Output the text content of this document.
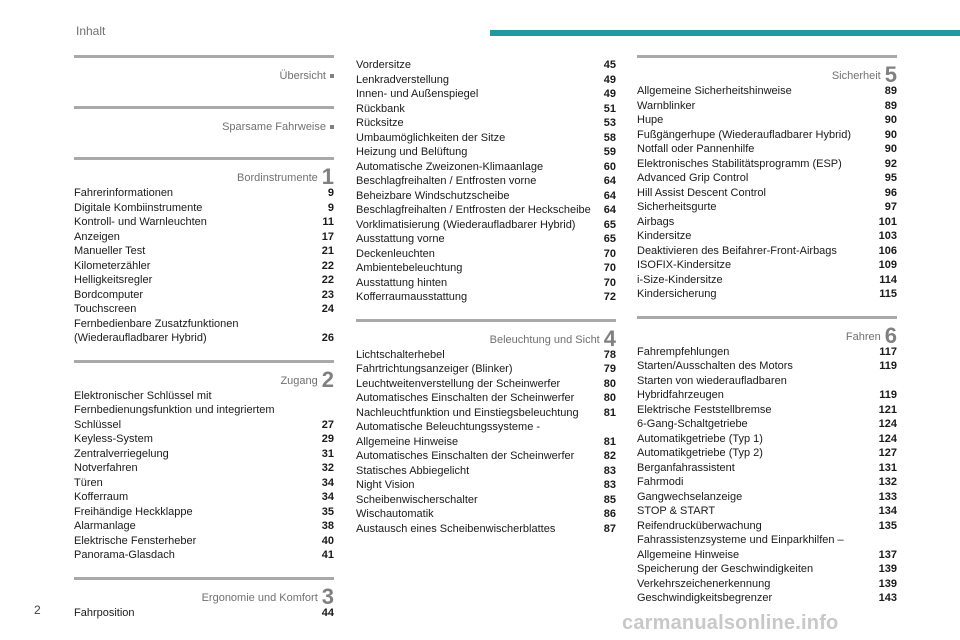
Inhalt
Übersicht
Sparsame Fahrweise
Bordinstrumente 1
Fahrerinformationen	9
Digitale Kombiinstrumente	9
Kontroll- und Warnleuchten	11
Anzeigen	17
Manueller Test	21
Kilometerzähler	22
Helligkeitsregler	22
Bordcomputer	23
Touchscreen	24
Fernbedienbare Zusatzfunktionen (Wiederaufladbarer Hybrid)	26
Zugang 2
Elektronischer Schlüssel mit Fernbedienungsfunktion und integriertem Schlüssel	27
Keyless-System	29
Zentralverriegelung	31
Notverfahren	32
Türen	34
Kofferraum	34
Freihändige Heckklappe	35
Alarmanlage	38
Elektrische Fensterheber	40
Panorama-Glasdach	41
Ergonomie und Komfort 3
Fahrposition	44
Vordersitze	45
Lenkradverstellung	49
Innen- und Außenspiegel	49
Rückbank	51
Rücksitze	53
Umbaumöglichkeiten der Sitze	58
Heizung und Belüftung	59
Automatische Zweizonen-Klimaanlage	60
Beschlagfreihalten / Entfrosten vorne	64
Beheizbare Windschutzscheibe	64
Beschlagfreihalten / Entfrosten der Heckscheibe	64
Vorklimatisierung (Wiederaufladbarer Hybrid)	65
Ausstattung vorne	65
Deckenleuchten	70
Ambientebeleuchtung	70
Ausstattung hinten	70
Kofferraumausstattung	72
Beleuchtung und Sicht 4
Lichtschalterhebel	78
Fahrtrichtungsanzeiger (Blinker)	79
Leuchtweitenverstellung der Scheinwerfer	80
Automatisches Einschalten der Scheinwerfer	80
Nachleuchtfunktion und Einstiegsbeleuchtung	81
Automatische Beleuchtungssysteme - Allgemeine Hinweise	81
Automatisches Einschalten der Scheinwerfer	82
Statisches Abbiegelicht	83
Night Vision	83
Scheibenwischerschalter	85
Wischautomatik	86
Austausch eines Scheibenwischerblattes	87
Sicherheit 5
Allgemeine Sicherheitshinweise	89
Warnblinker	89
Hupe	90
Fußgängerhupe (Wiederaufladbarer Hybrid)	90
Notfall oder Pannenhilfe	90
Elektronisches Stabilitätsprogramm (ESP)	92
Advanced Grip Control	95
Hill Assist Descent Control	96
Sicherheitsgurte	97
Airbags	101
Kindersitze	103
Deaktivieren des Beifahrer-Front-Airbags	106
ISOFIX-Kindersitze	109
i-Size-Kindersitze	114
Kindersicherung	115
Fahren 6
Fahrempfehlungen	117
Starten/Ausschalten des Motors	119
Starten von wiederaufladbaren Hybridfahrzeugen	119
Elektrische Feststellbremse	121
6-Gang-Schaltgetriebe	124
Automatikgetriebe (Typ 1)	124
Automatikgetriebe (Typ 2)	127
Berganfahrassistent	131
Fahrmodi	132
Gangwechselanzeige	133
STOP & START	134
Reifendrucküberwachung	135
Fahrassistenzsysteme und Einparkhilfen – Allgemeine Hinweise	137
Speicherung der Geschwindigkeiten	139
Verkehrszeichenerkennung	139
Geschwindigkeitsbegrenzer	143
2
carmanualsonline.info
